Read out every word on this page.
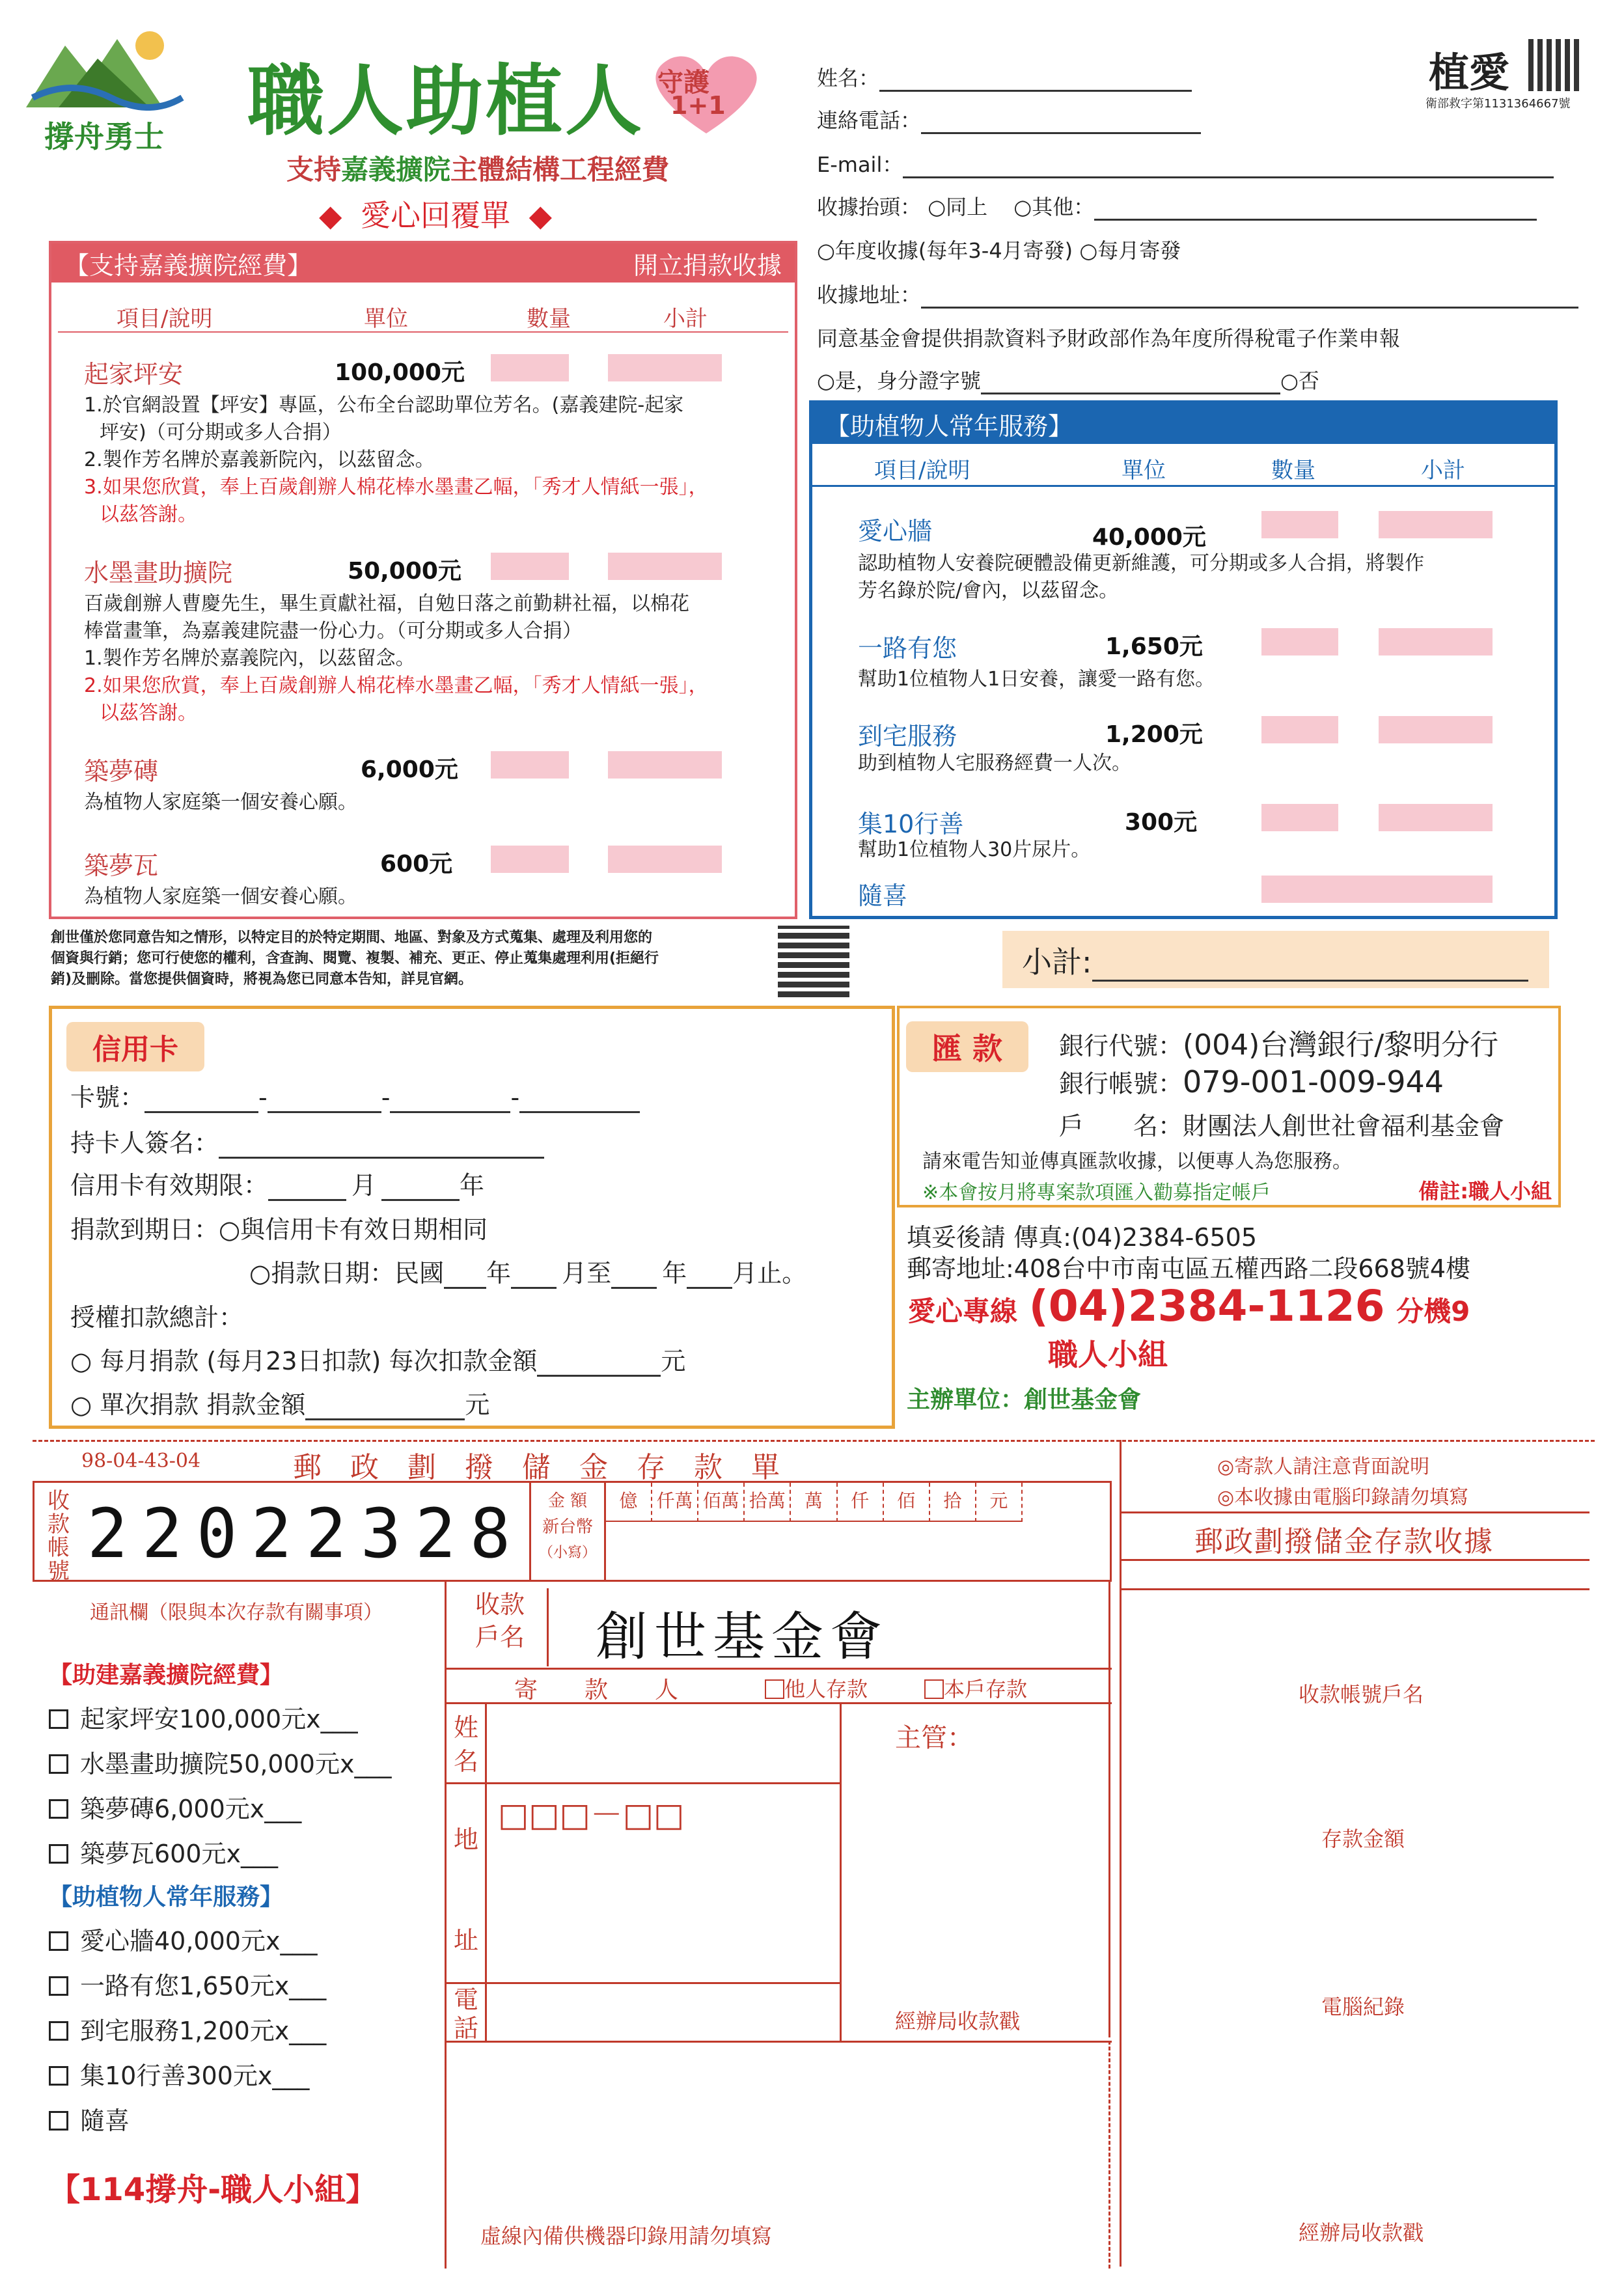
撐舟勇士	職人助植人 守護
1+1
支持嘉義擴院主體結構工程經費
◆ 愛心回覆單 ◆
植愛
衛部救字第1131364667號
姓名：
連絡電話：
E-mail：
收據抬頭： ○同上 ○其他：
○年度收據(每年3-4月寄發) ○每月寄發
收據地址：
同意基金會提供捐款資料予財政部作為年度所得稅電子作業申報
○是，身分證字號	○否
【支持嘉義擴院經費】	開立捐款收據
項目/說明	單位	數量	小計
起家坪安	100,000元
1.於官網設置【坪安】專區，公布全台認助單位芳名。(嘉義建院-起家
坪安)（可分期或多人合捐）
2.製作芳名牌於嘉義新院內，以茲留念。
3.如果您欣賞，奉上百歲創辦人棉花棒水墨畫乙幅，「秀才人情紙一張」，
以茲答謝。
水墨畫助擴院	50,000元
百歲創辦人曹慶先生，畢生貢獻社福，自勉日落之前勤耕社福，以棉花
棒當畫筆，為嘉義建院盡一份心力。（可分期或多人合捐）
1.製作芳名牌於嘉義院內，以茲留念。
2.如果您欣賞，奉上百歲創辦人棉花棒水墨畫乙幅，「秀才人情紙一張」，
以茲答謝。
築夢磚	6,000元
為植物人家庭築一個安養心願。
築夢瓦	600元
為植物人家庭築一個安養心願。
【助植物人常年服務】
項目/說明	單位	數量	小計
愛心牆	40,000元
認助植物人安養院硬體設備更新維護，可分期或多人合捐，將製作
芳名錄於院/會內，以茲留念。
一路有您	1,650元
幫助1位植物人1日安養，讓愛一路有您。
到宅服務	1,200元
助到植物人宅服務經費一人次。
集10行善	300元
幫助1位植物人30片尿片。
隨喜
創世僅於您同意告知之情形，以特定目的於特定期間、地區、對象及方式蒐集、處理及利用您的
個資與行銷；您可行使您的權利，含查詢、閱覽、複製、補充、更正、停止蒐集處理利用(拒絕行
銷)及刪除。當您提供個資時，將視為您已同意本告知，詳見官網。	小計:
信用卡
卡號：	-	-	-
持卡人簽名：
信用卡有效期限：	月	年
捐款到期日：○與信用卡有效日期相同
○捐款日期：民國 年 月至 年 月止。
授權扣款總計：
○ 每月捐款 (每月23日扣款) 每次扣款金額	元
○ 單次捐款 捐款金額	元
匯 款	銀行代號：(004)台灣銀行/黎明分行
銀行帳號：079-001-009-944
戶　　名：財團法人創世社會福利基金會
請來電告知並傳真匯款收據，以便專人為您服務。
※本會按月將專案款項匯入勸募指定帳戶	備註:職人小組
填妥後請 傳真:(04)2384-6505
郵寄地址:408台中市南屯區五權西路二段668號4樓
愛心專線 (04)2384-1126 分機9
職人小組
主辦單位：創世基金會
98-04-43-04	郵　政　劃　撥　儲　金　存　款　單
收款帳號 2 2 0 2 2 3 2 8	金 額
新台幣
（小寫）
億	仟萬 佰萬 拾萬	萬	仟	佰	拾	元
◎寄款人請注意背面說明
◎本收據由電腦印錄請勿填寫
郵政劃撥儲金存款收據
收款帳號戶名
存款金額
電腦紀錄
經辦局收款戳
通訊欄（限與本次存款有關事項）
【助建嘉義擴院經費】
起家坪安100,000元x___
水墨畫助擴院50,000元x___
築夢磚6,000元x___
築夢瓦600元x___
【助植物人常年服務】
愛心牆40,000元x___
一路有您1,650元x___
到宅服務1,200元x___
集10行善300元x___
隨喜
【114撐舟-職人小組】
收款戶名 創世基金會
寄　　款　　人	他人存款	本戶存款
姓名
□□□－□□
地
址
電話
主管：
經辦局收款戳
虛線內備供機器印錄用請勿填寫
